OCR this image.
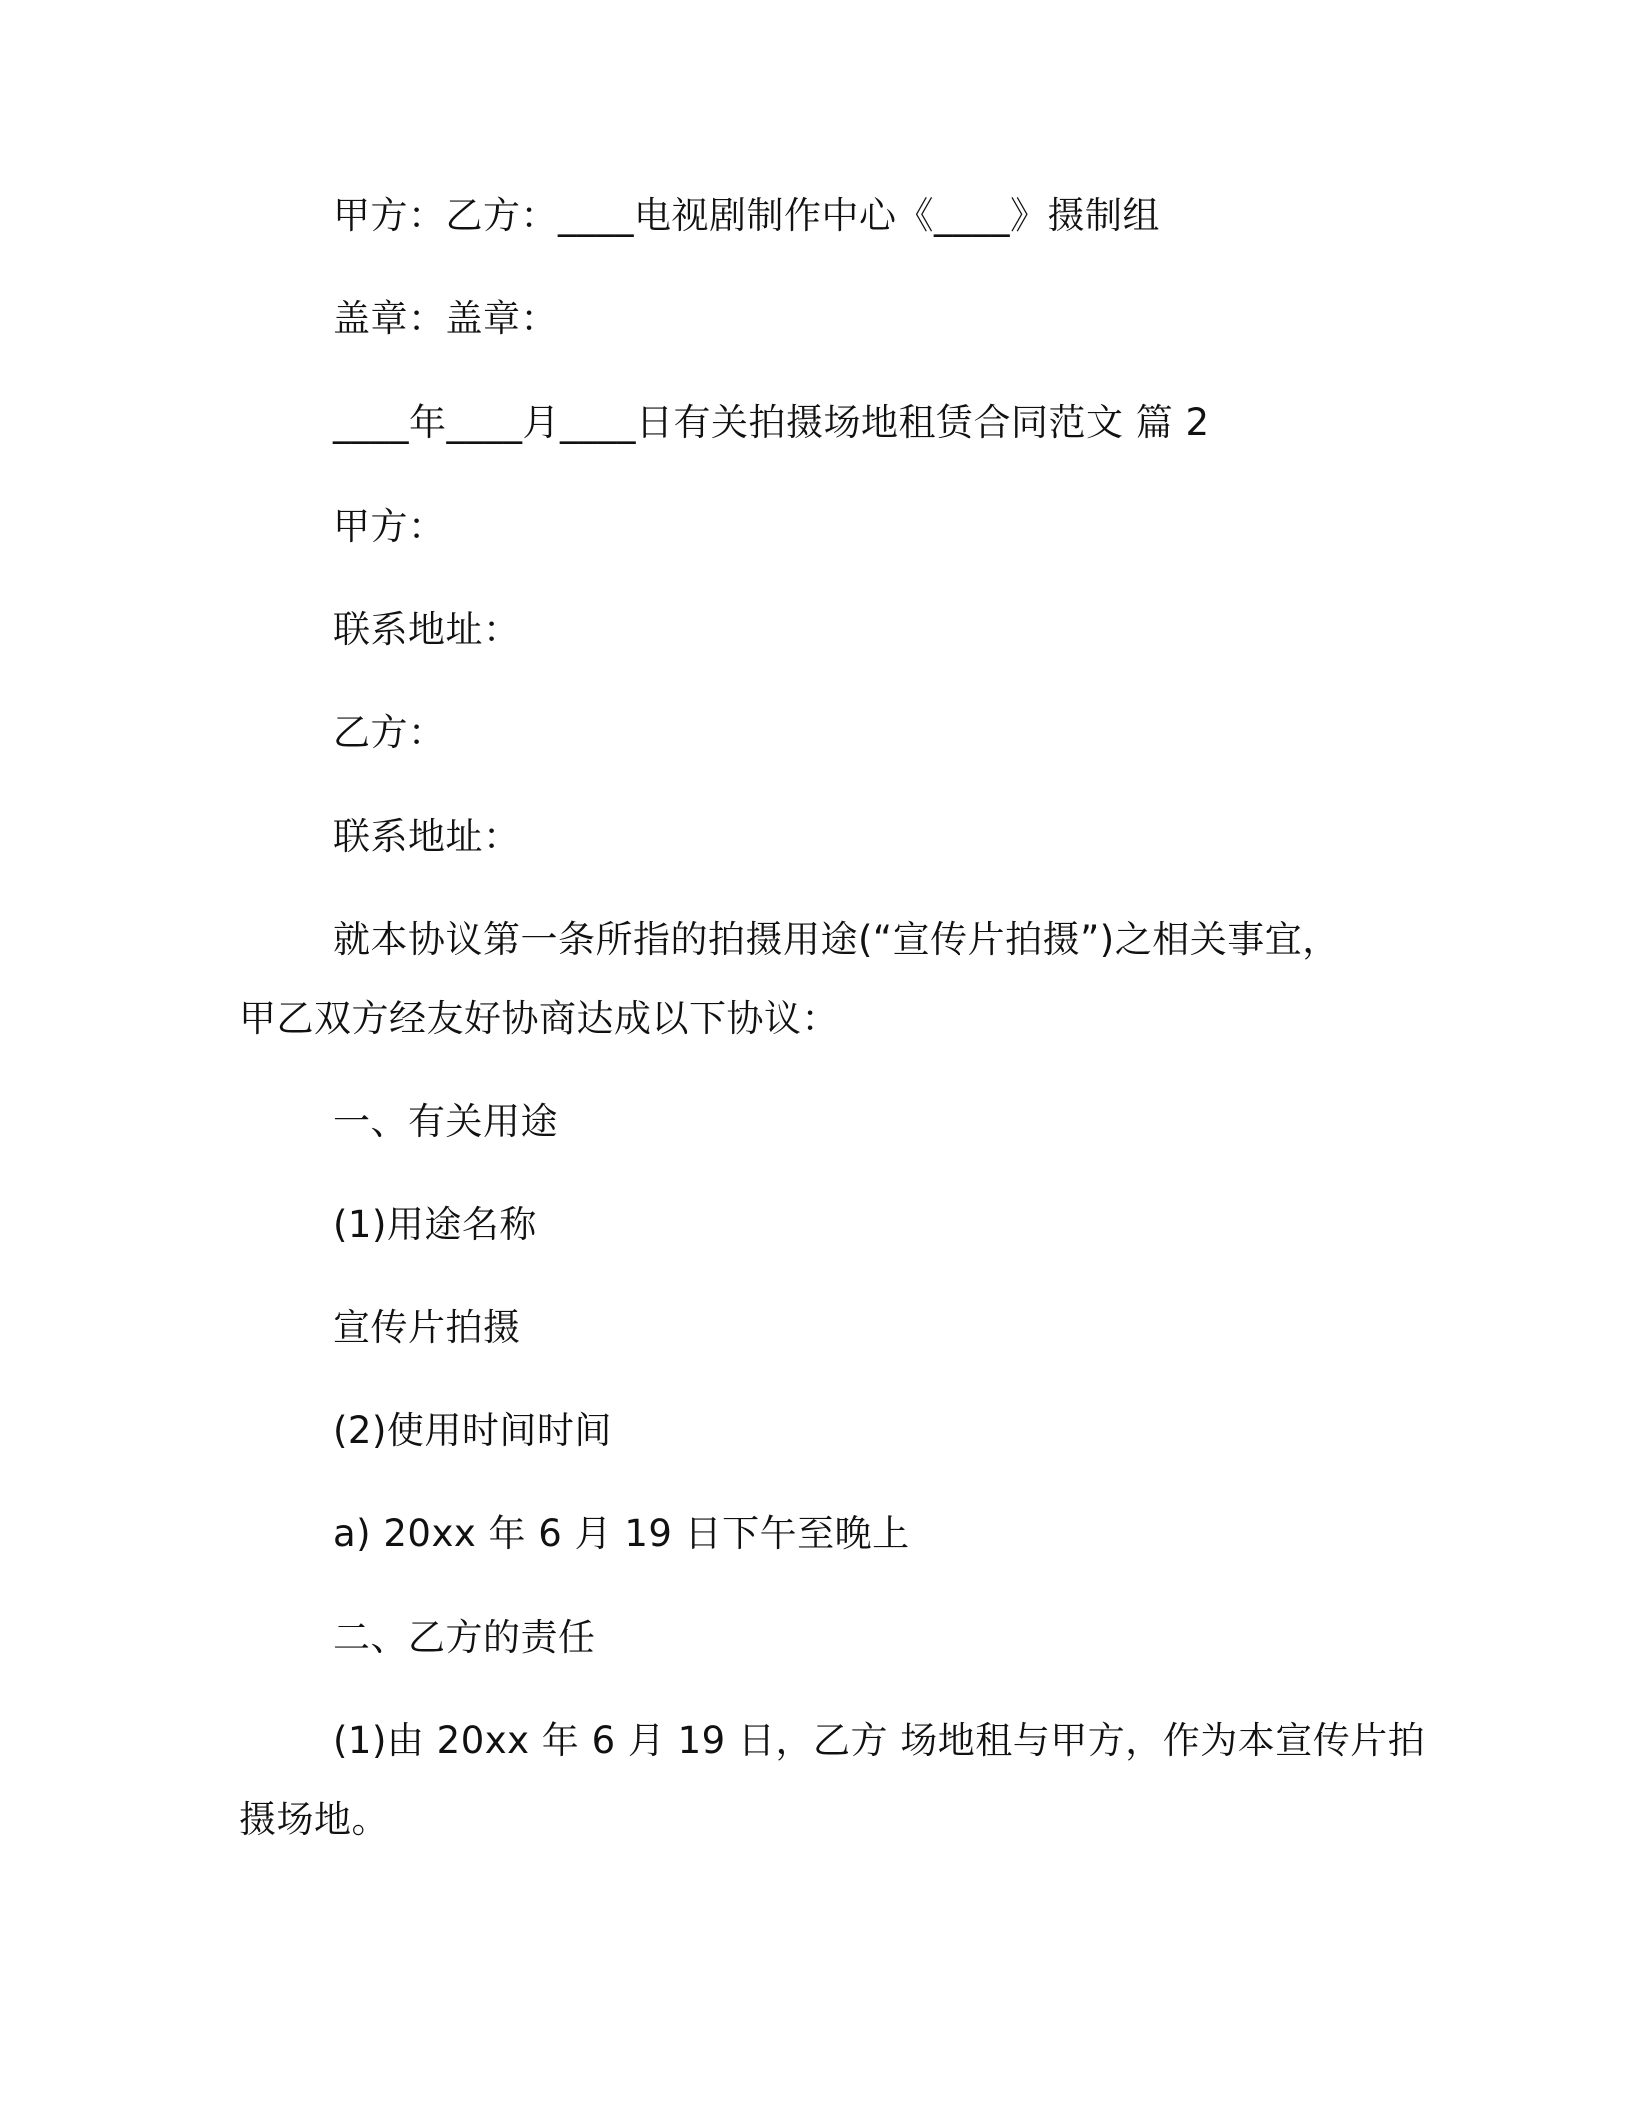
甲方：乙方：____电视剧制作中心《____》摄制组
盖章：盖章：
____年____月____日有关拍摄场地租赁合同范文 篇 2
甲方：
联系地址：
乙方：
联系地址：
就本协议第一条所指的拍摄用途(“宣传片拍摄”)之相关事宜，
甲乙双方经友好协商达成以下协议：
一、有关用途
(1)用途名称
宣传片拍摄
(2)使用时间时间
a) 20xx 年 6 月 19 日下午至晚上
二、乙方的责任
(1)由 20xx 年 6 月 19 日，乙方 场地租与甲方，作为本宣传片拍
摄场地。
